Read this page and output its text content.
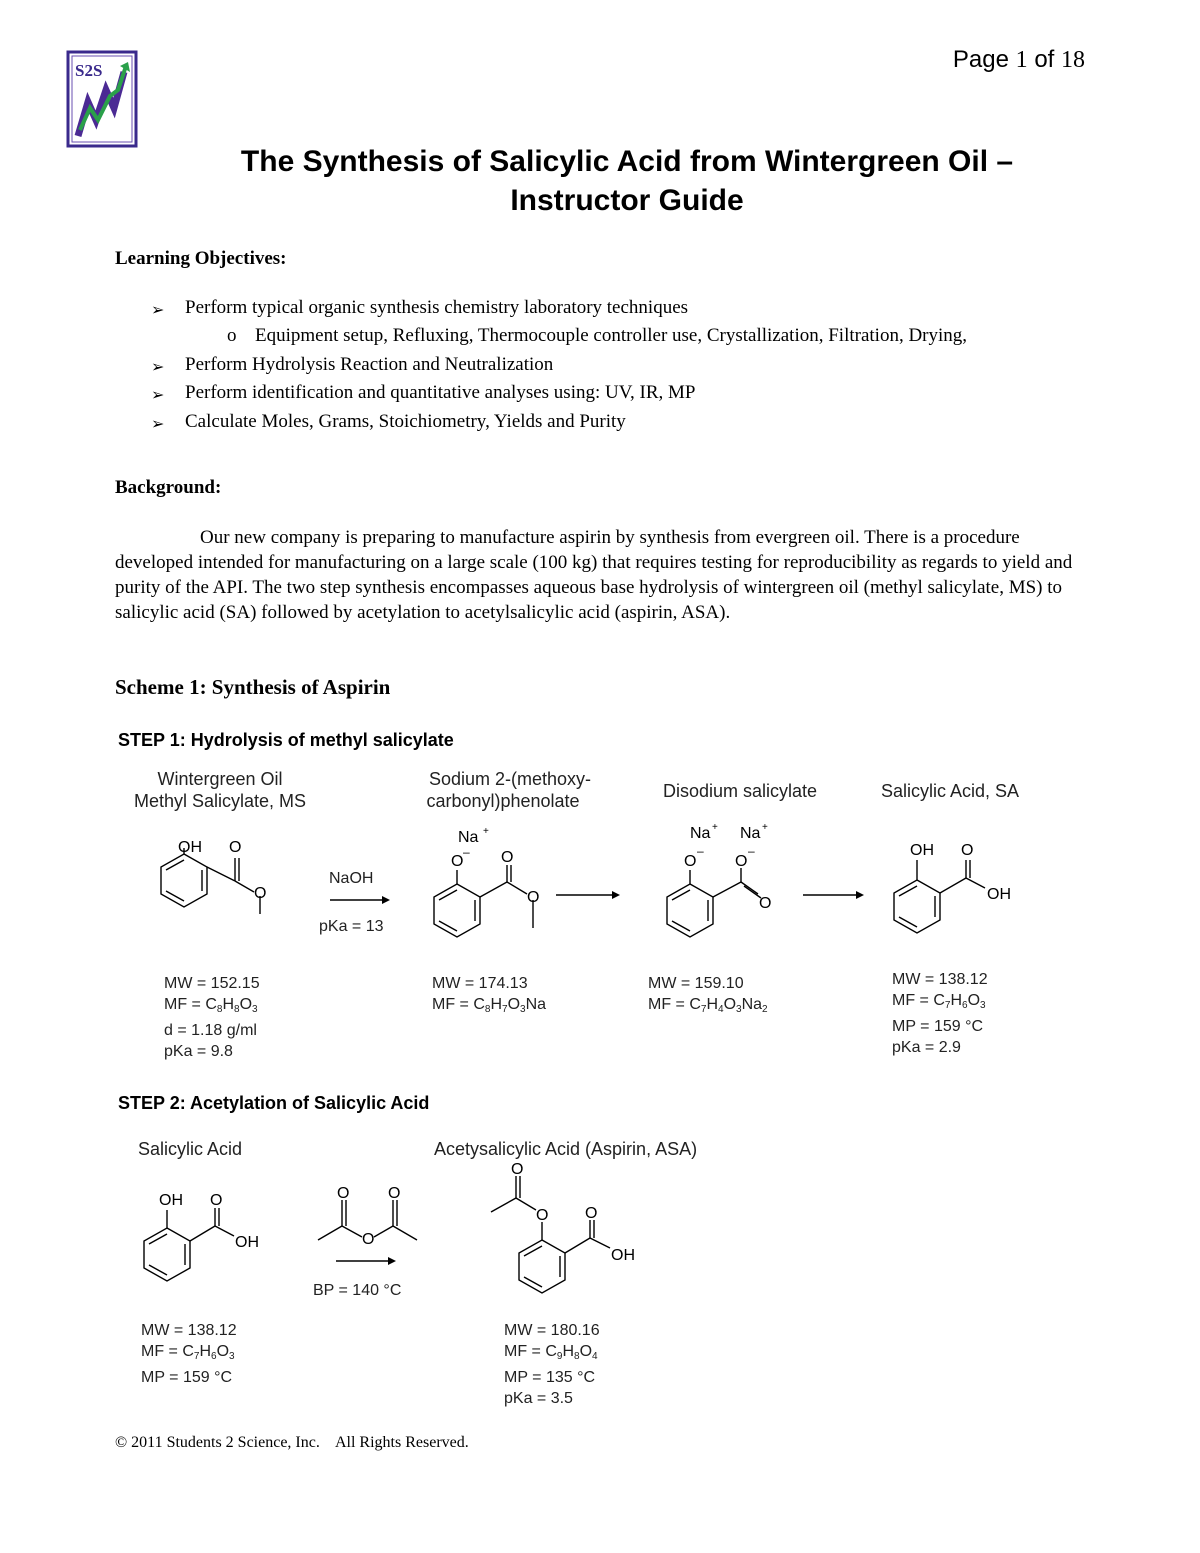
S2S	Page 1 of 18
The Synthesis of Salicylic Acid from Wintergreen Oil –
Instructor Guide
Learning Objectives:
➢ Perform typical organic synthesis chemistry laboratory techniques
o Equipment setup, Refluxing, Thermocouple controller use, Crystallization, Filtration, Drying,
➢ Perform Hydrolysis Reaction and Neutralization
➢ Perform identification and quantitative analyses using: UV, IR, MP
➢ Calculate Moles, Grams, Stoichiometry, Yields and Purity
Background:
Our new company is preparing to manufacture aspirin by synthesis from evergreen oil. There is a procedure developed intended for manufacturing on a large scale (100 kg) that requires testing for reproducibility as regards to yield and purity of the API. The two step synthesis encompasses aqueous base hydrolysis of wintergreen oil (methyl salicylate, MS) to salicylic acid (SA) followed by acetylation to acetylsalicylic acid (aspirin, ASA).
Scheme 1: Synthesis of Aspirin
STEP 1: Hydrolysis of methyl salicylate
Wintergreen Oil
Methyl Salicylate, MS
Sodium 2-(methoxy-
carbonyl)phenolate	Disodium salicylate	Salicylic Acid, SA
OH O
O
Na +
O
– O
O
Na + Na +
O
–
O
–
O
OH O
OH
NaOH
pKa = 13
MW = 152.15
MF = $C_8H_8O_3$
d = 1.18 g/ml
pKa = 9.8
MW = 174.13
MF = $C_8H_7O_3Na$
MW = 159.10
MF = $C_7H_4O_3Na_2$
MW = 138.12
MF = $C_7H_6O_3$
MP = 159 °C
pKa = 2.9
STEP 2: Acetylation of Salicylic Acid
Salicylic Acid	Acetysalicylic Acid (Aspirin, ASA)
OH O
OH
O O
O
O
O O
OH
BP = 140 °C
MW = 138.12
MF = $C_7H_6O_3$
MP = 159 °C
MW = 180.16
MF = $C_9H_8O_4$
MP = 135 °C
pKa = 3.5
© 2011 Students 2 Science, Inc.    All Rights Reserved.
